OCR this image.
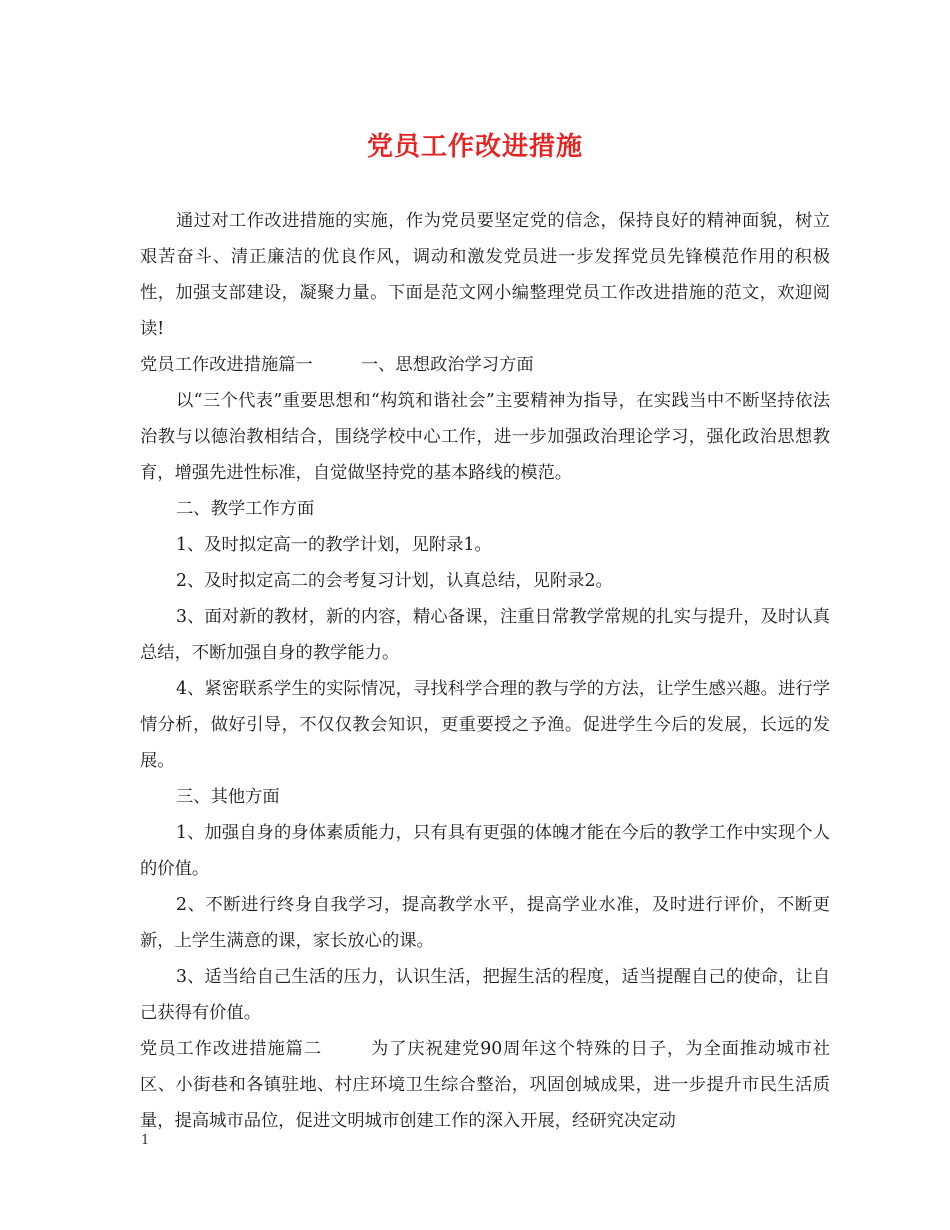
党员工作改进措施

通过对工作改进措施的实施，作为党员要坚定党的信念，保持良好的精神面貌，树立艰苦奋斗、清正廉洁的优良作风，调动和激发党员进一步发挥党员先锋模范作用的积极性，加强支部建设，凝聚力量。下面是范文网小编整理党员工作改进措施的范文，欢迎阅读!

党员工作改进措施篇一	一、思想政治学习方面

以“三个代表”重要思想和“构筑和谐社会”主要精神为指导，在实践当中不断坚持依法治教与以德治教相结合，围绕学校中心工作，进一步加强政治理论学习，强化政治思想教育，增强先进性标准，自觉做坚持党的基本路线的模范。

二、教学工作方面

1、及时拟定高一的教学计划，见附录1。

2、及时拟定高二的会考复习计划，认真总结，见附录2。

3、面对新的教材，新的内容，精心备课，注重日常教学常规的扎实与提升，及时认真总结，不断加强自身的教学能力。

4、紧密联系学生的实际情况，寻找科学合理的教与学的方法，让学生感兴趣。进行学情分析，做好引导，不仅仅教会知识，更重要授之予渔。促进学生今后的发展，长远的发展。

三、其他方面

1、加强自身的身体素质能力，只有具有更强的体魄才能在今后的教学工作中实现个人的价值。

2、不断进行终身自我学习，提高教学水平，提高学业水准，及时进行评价，不断更新，上学生满意的课，家长放心的课。

3、适当给自己生活的压力，认识生活，把握生活的程度，适当提醒自己的使命，让自己获得有价值。

党员工作改进措施篇二	为了庆祝建党90周年这个特殊的日子，为全面推动城市社区、小街巷和各镇驻地、村庄环境卫生综合整治，巩固创城成果，进一步提升市民生活质量，提高城市品位，促进文明城市创建工作的深入开展，经研究决定动

1
